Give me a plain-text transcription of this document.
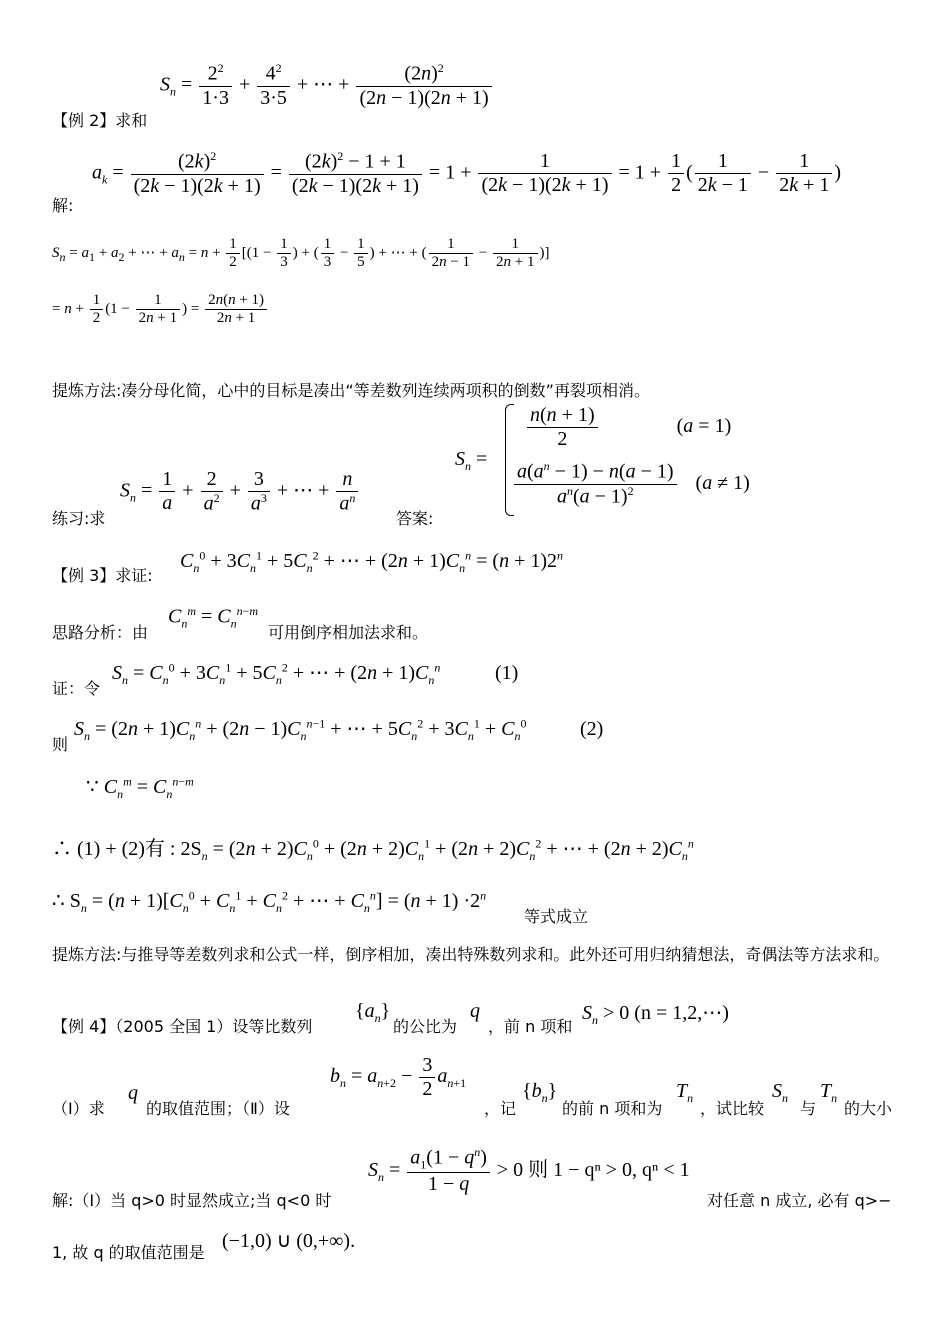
$S_n = \frac{2^2}{1\cdot 3} + \frac{4^2}{3\cdot 5}$ + ⋯ + $\frac{(2n)^2}{(2n - 1)(2n + 1)}$
【例 2】求和
$a_k = \frac{(2k)^2}{(2k - 1)(2k + 1)} = \frac{(2k)^2 - 1 + 1}{(2k - 1)(2k + 1)} = 1 + \frac{1}{(2k - 1)(2k + 1)} = 1 + \frac{1}{2}$ ( $\frac{1}{2k - 1} - \frac{1}{2k + 1}$ )
解:
$S_n = a_1 + a_2$ + ⋯ + $a_n = n + \frac{1}{2} [(1 - \frac{1}{3}$ ) + ( $\frac{1}{3} - \frac{1}{5}$ ) + ⋯ + ( $\frac{1}{2n - 1} - \frac{1}{2n + 1}$ )]
= $n + \frac{1}{2} (1 - \frac{1}{2n + 1}$ ) = $\frac{2n(n + 1)}{2n + 1}$
提炼方法:凑分母化简，心中的目标是凑出“等差数列连续两项积的倒数”再裂项相消。
$S_n$ =
$\frac{n(n + 1)}{2}$	(a = 1)
$\frac{a(a^n - 1) - n(a - 1)}{a^n(a - 1)^2} (a \ne 1)$
练习:求
$S_n = \frac{1}{a} + \frac{2}{a^2} + \frac{3}{a^3}$ + ⋯ + $\frac{n}{a^n}$
答案:
【例 3】求证:
$C_n^0 + 3C_n^1 + 5C_n^2$ + ⋯ + $(2n + 1)C_n^n = (n + 1)2^n$
思路分析：由
$C_n^m = C_n^{n-m}$
可用倒序相加法求和。
证：令
$S_n = C_n^0 + 3C_n^1 + 5C_n^2$ + ⋯ + $(2n + 1)C_n^n$	(1)
则
$S_n = (2n + 1)C_n^n + (2n - 1)C_n^{n-1}$ + ⋯ + $5C_n^2 + 3C_n^1 + C_n^0$	(2)
∵ $C_n^m = C_n^{n-m}$
∴ (1) + (2)有 : $2S_n = (2n + 2)C_n^0 + (2n + 2)C_n^1 + (2n + 2)C_n^2$ + ⋯ + $(2n + 2)C_n^n$
∴ $S_n = (n + 1)[C_n^0 + C_n^1 + C_n^2$ + ⋯ + $C_n^n] = (n + 1) \cdot 2^n$
等式成立
提炼方法:与推导等差数列求和公式一样，倒序相加，凑出特殊数列求和。此外还可用归纳猜想法，奇偶法等方法求和。
【例 4】（2005 全国 1）设等比数列
$\{a_n\}$
的公比为
q
，前 n 项和
$S_n > 0$ (n = 1,2,⋯)
（Ⅰ）求
q
的取值范围；（Ⅱ）设
$b_n = a_{n+2} - \frac{3}{2} a_{n+1}$
，记
$\{b_n\}$
的前 n 项和为
$T_n$
，试比较
$S_n$
与
$T_n$
的大小
$S_n = \frac{a_1(1 - q^n)}{1 - q} > 0$ 则 1 − qⁿ > 0, qⁿ < 1
解:（Ⅰ）当 q>0 时显然成立;当 q<0 时	对任意 n 成立, 必有 q>−
1, 故 q 的取值范围是
(−1,0) ∪ (0,+∞).
